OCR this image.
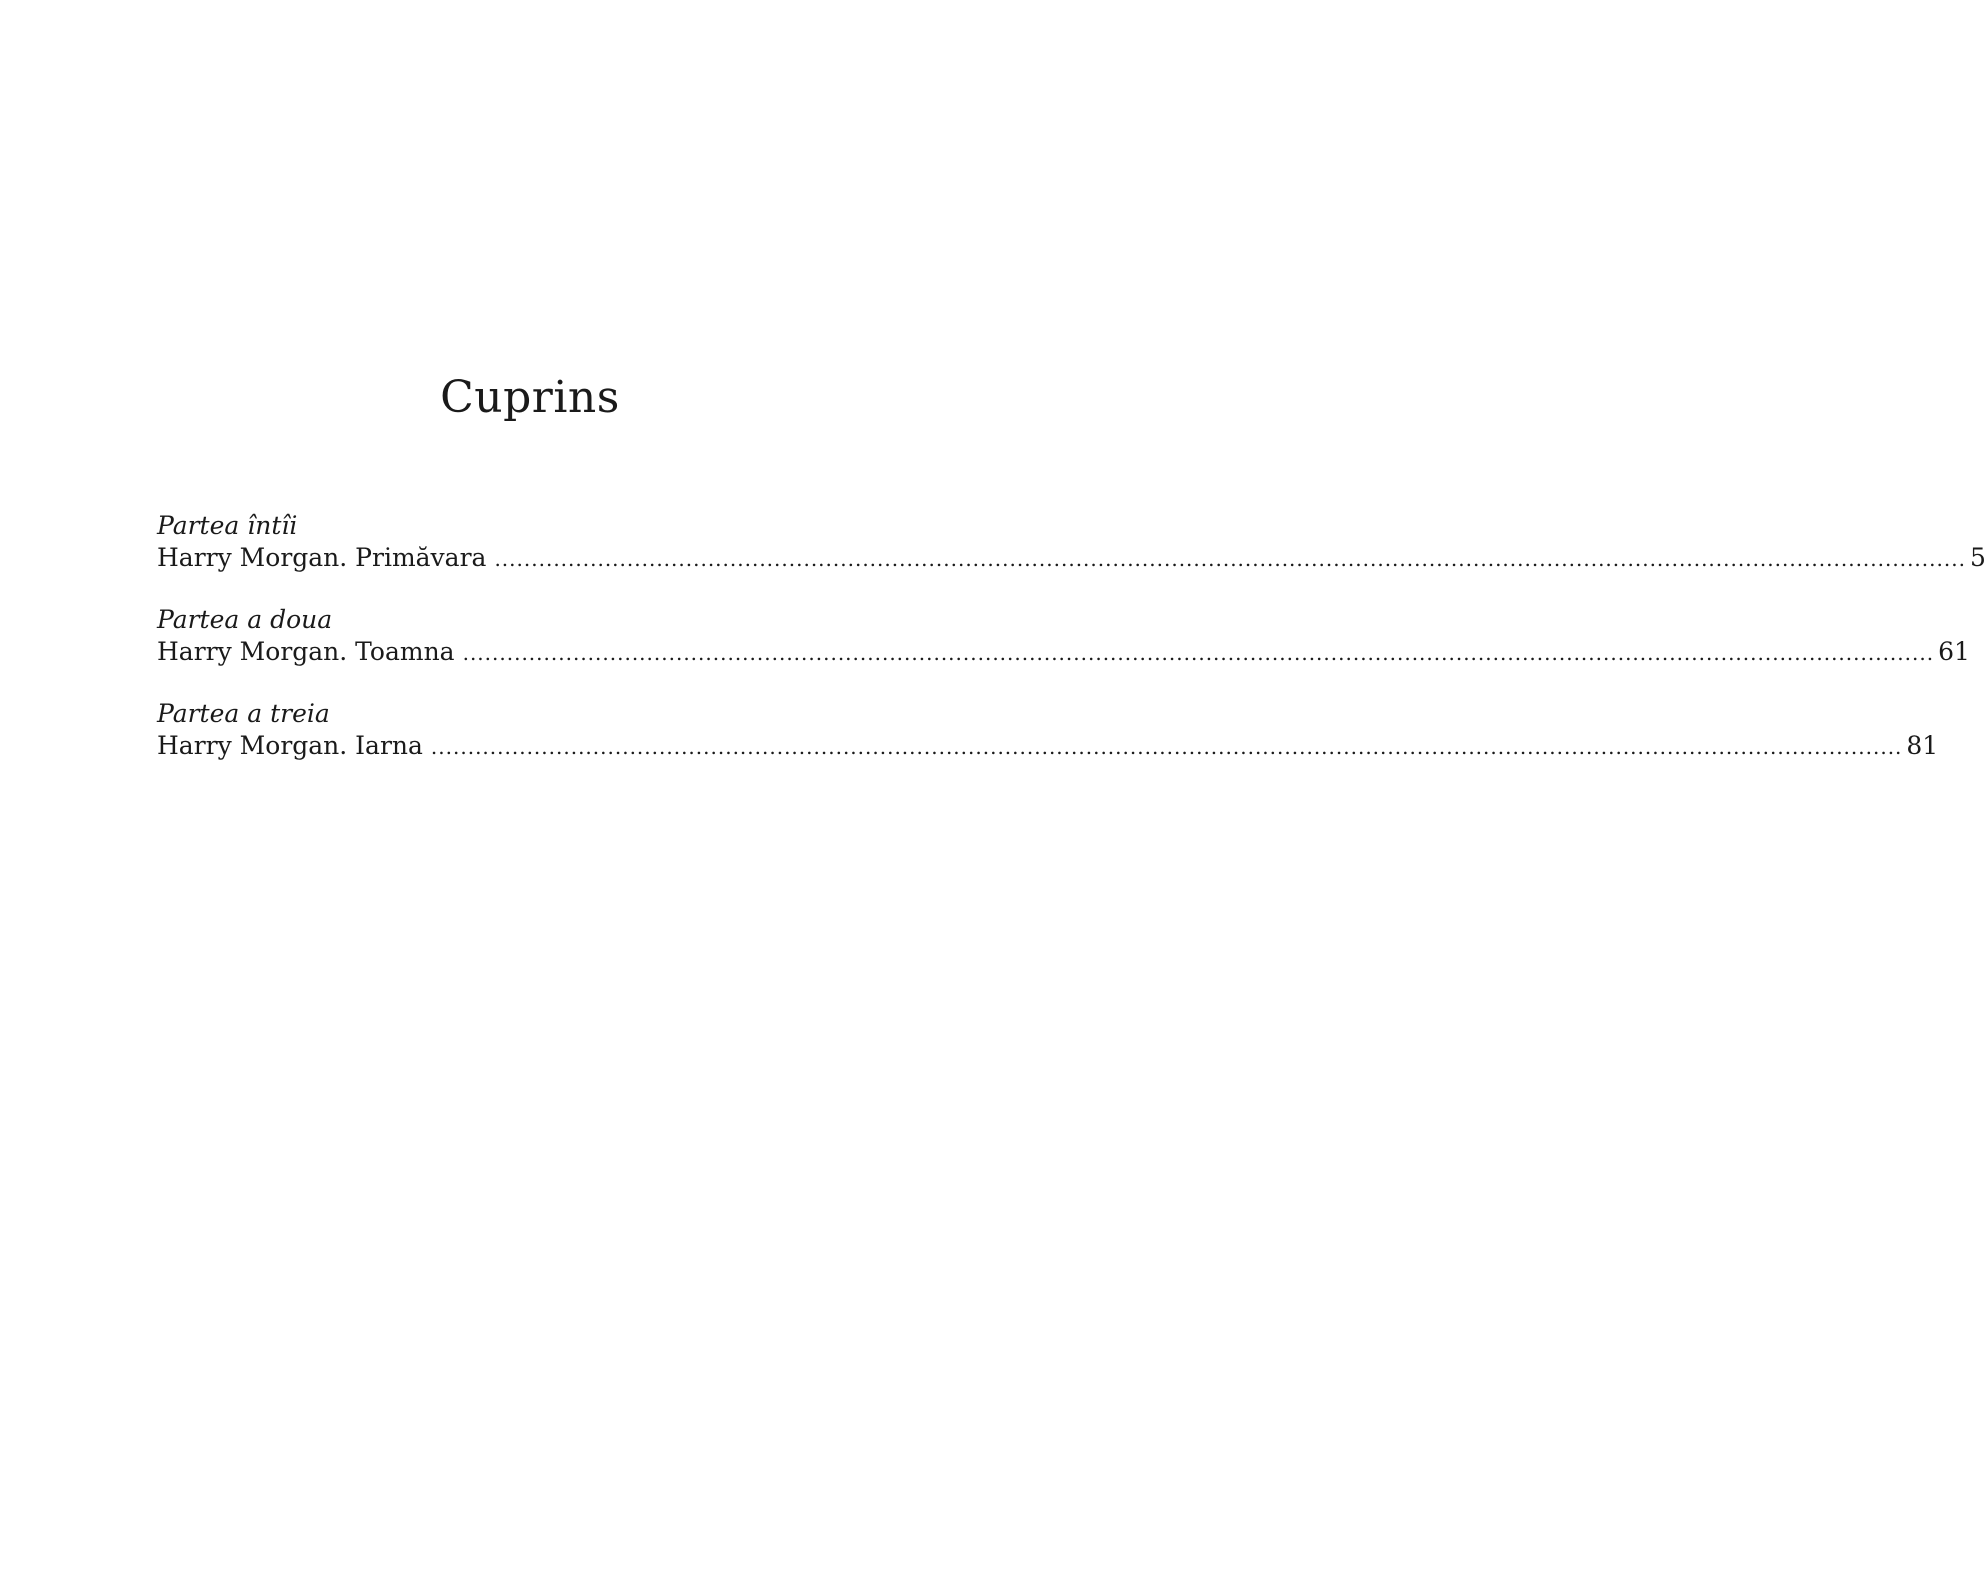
Cuprins
Partea întîi
Harry Morgan. Primăvara ........................................................................................................................................................................................................ 5
Partea a doua
Harry Morgan. Toamna ........................................................................................................................................................................................................ 61
Partea a treia
Harry Morgan. Iarna ........................................................................................................................................................................................................ 81
